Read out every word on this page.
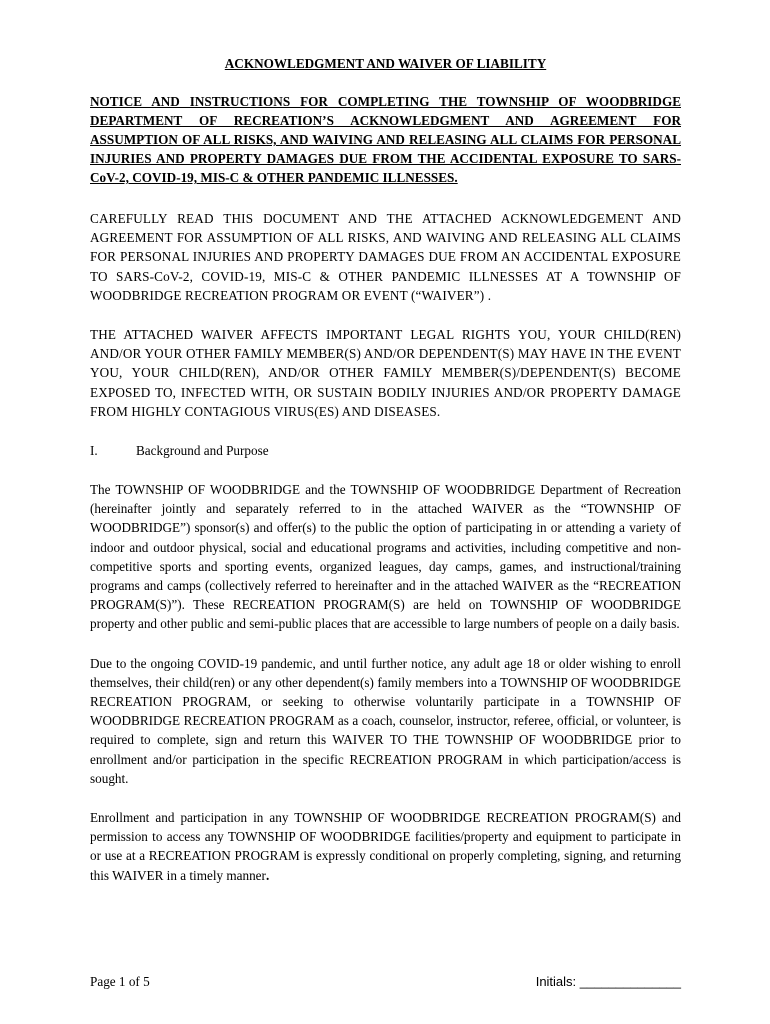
ACKNOWLEDGMENT AND WAIVER OF LIABILITY

NOTICE AND INSTRUCTIONS FOR COMPLETING THE TOWNSHIP OF WOODBRIDGE DEPARTMENT OF RECREATION’S ACKNOWLEDGMENT AND AGREEMENT FOR ASSUMPTION OF ALL RISKS, AND WAIVING AND RELEASING ALL CLAIMS FOR PERSONAL INJURIES AND PROPERTY DAMAGES DUE FROM THE ACCIDENTAL EXPOSURE TO SARS-CoV-2, COVID-19, MIS-C & OTHER PANDEMIC ILLNESSES.

CAREFULLY READ THIS DOCUMENT AND THE ATTACHED ACKNOWLEDGEMENT AND AGREEMENT FOR ASSUMPTION OF ALL RISKS, AND WAIVING AND RELEASING ALL CLAIMS FOR PERSONAL INJURIES AND PROPERTY DAMAGES DUE FROM AN ACCIDENTAL EXPOSURE TO SARS-CoV-2, COVID-19, MIS-C & OTHER PANDEMIC ILLNESSES AT A TOWNSHIP OF WOODBRIDGE RECREATION PROGRAM OR EVENT (“WAIVER”) .

THE ATTACHED WAIVER AFFECTS IMPORTANT LEGAL RIGHTS YOU, YOUR CHILD(REN) AND/OR YOUR OTHER FAMILY MEMBER(S) AND/OR DEPENDENT(S) MAY HAVE IN THE EVENT YOU, YOUR CHILD(REN), AND/OR OTHER FAMILY MEMBER(S)/DEPENDENT(S) BECOME EXPOSED TO, INFECTED WITH, OR SUSTAIN BODILY INJURIES AND/OR PROPERTY DAMAGE FROM HIGHLY CONTAGIOUS VIRUS(ES) AND DISEASES.

I.	Background and Purpose

The TOWNSHIP OF WOODBRIDGE and the TOWNSHIP OF WOODBRIDGE Department of Recreation (hereinafter jointly and separately referred to in the attached WAIVER as the “TOWNSHIP OF WOODBRIDGE”) sponsor(s) and offer(s) to the public the option of participating in or attending a variety of indoor and outdoor physical, social and educational programs and activities, including competitive and non-competitive sports and sporting events, organized leagues, day camps, games, and instructional/training programs and camps (collectively referred to hereinafter and in the attached WAIVER as the “RECREATION PROGRAM(S)”). These RECREATION PROGRAM(S) are held on TOWNSHIP OF WOODBRIDGE property and other public and semi-public places that are accessible to large numbers of people on a daily basis.

Due to the ongoing COVID-19 pandemic, and until further notice, any adult age 18 or older wishing to enroll themselves, their child(ren) or any other dependent(s) family members into a TOWNSHIP OF WOODBRIDGE RECREATION PROGRAM, or seeking to otherwise voluntarily participate in a TOWNSHIP OF WOODBRIDGE RECREATION PROGRAM as a coach, counselor, instructor, referee, official, or volunteer, is required to complete, sign and return this WAIVER TO THE TOWNSHIP OF WOODBRIDGE prior to enrollment and/or participation in the specific RECREATION PROGRAM in which participation/access is sought.

Enrollment and participation in any TOWNSHIP OF WOODBRIDGE RECREATION PROGRAM(S) and permission to access any TOWNSHIP OF WOODBRIDGE facilities/property and equipment to participate in or use at a RECREATION PROGRAM is expressly conditional on properly completing, signing, and returning this WAIVER in a timely manner.

Page 1 of 5	Initials: ______________
